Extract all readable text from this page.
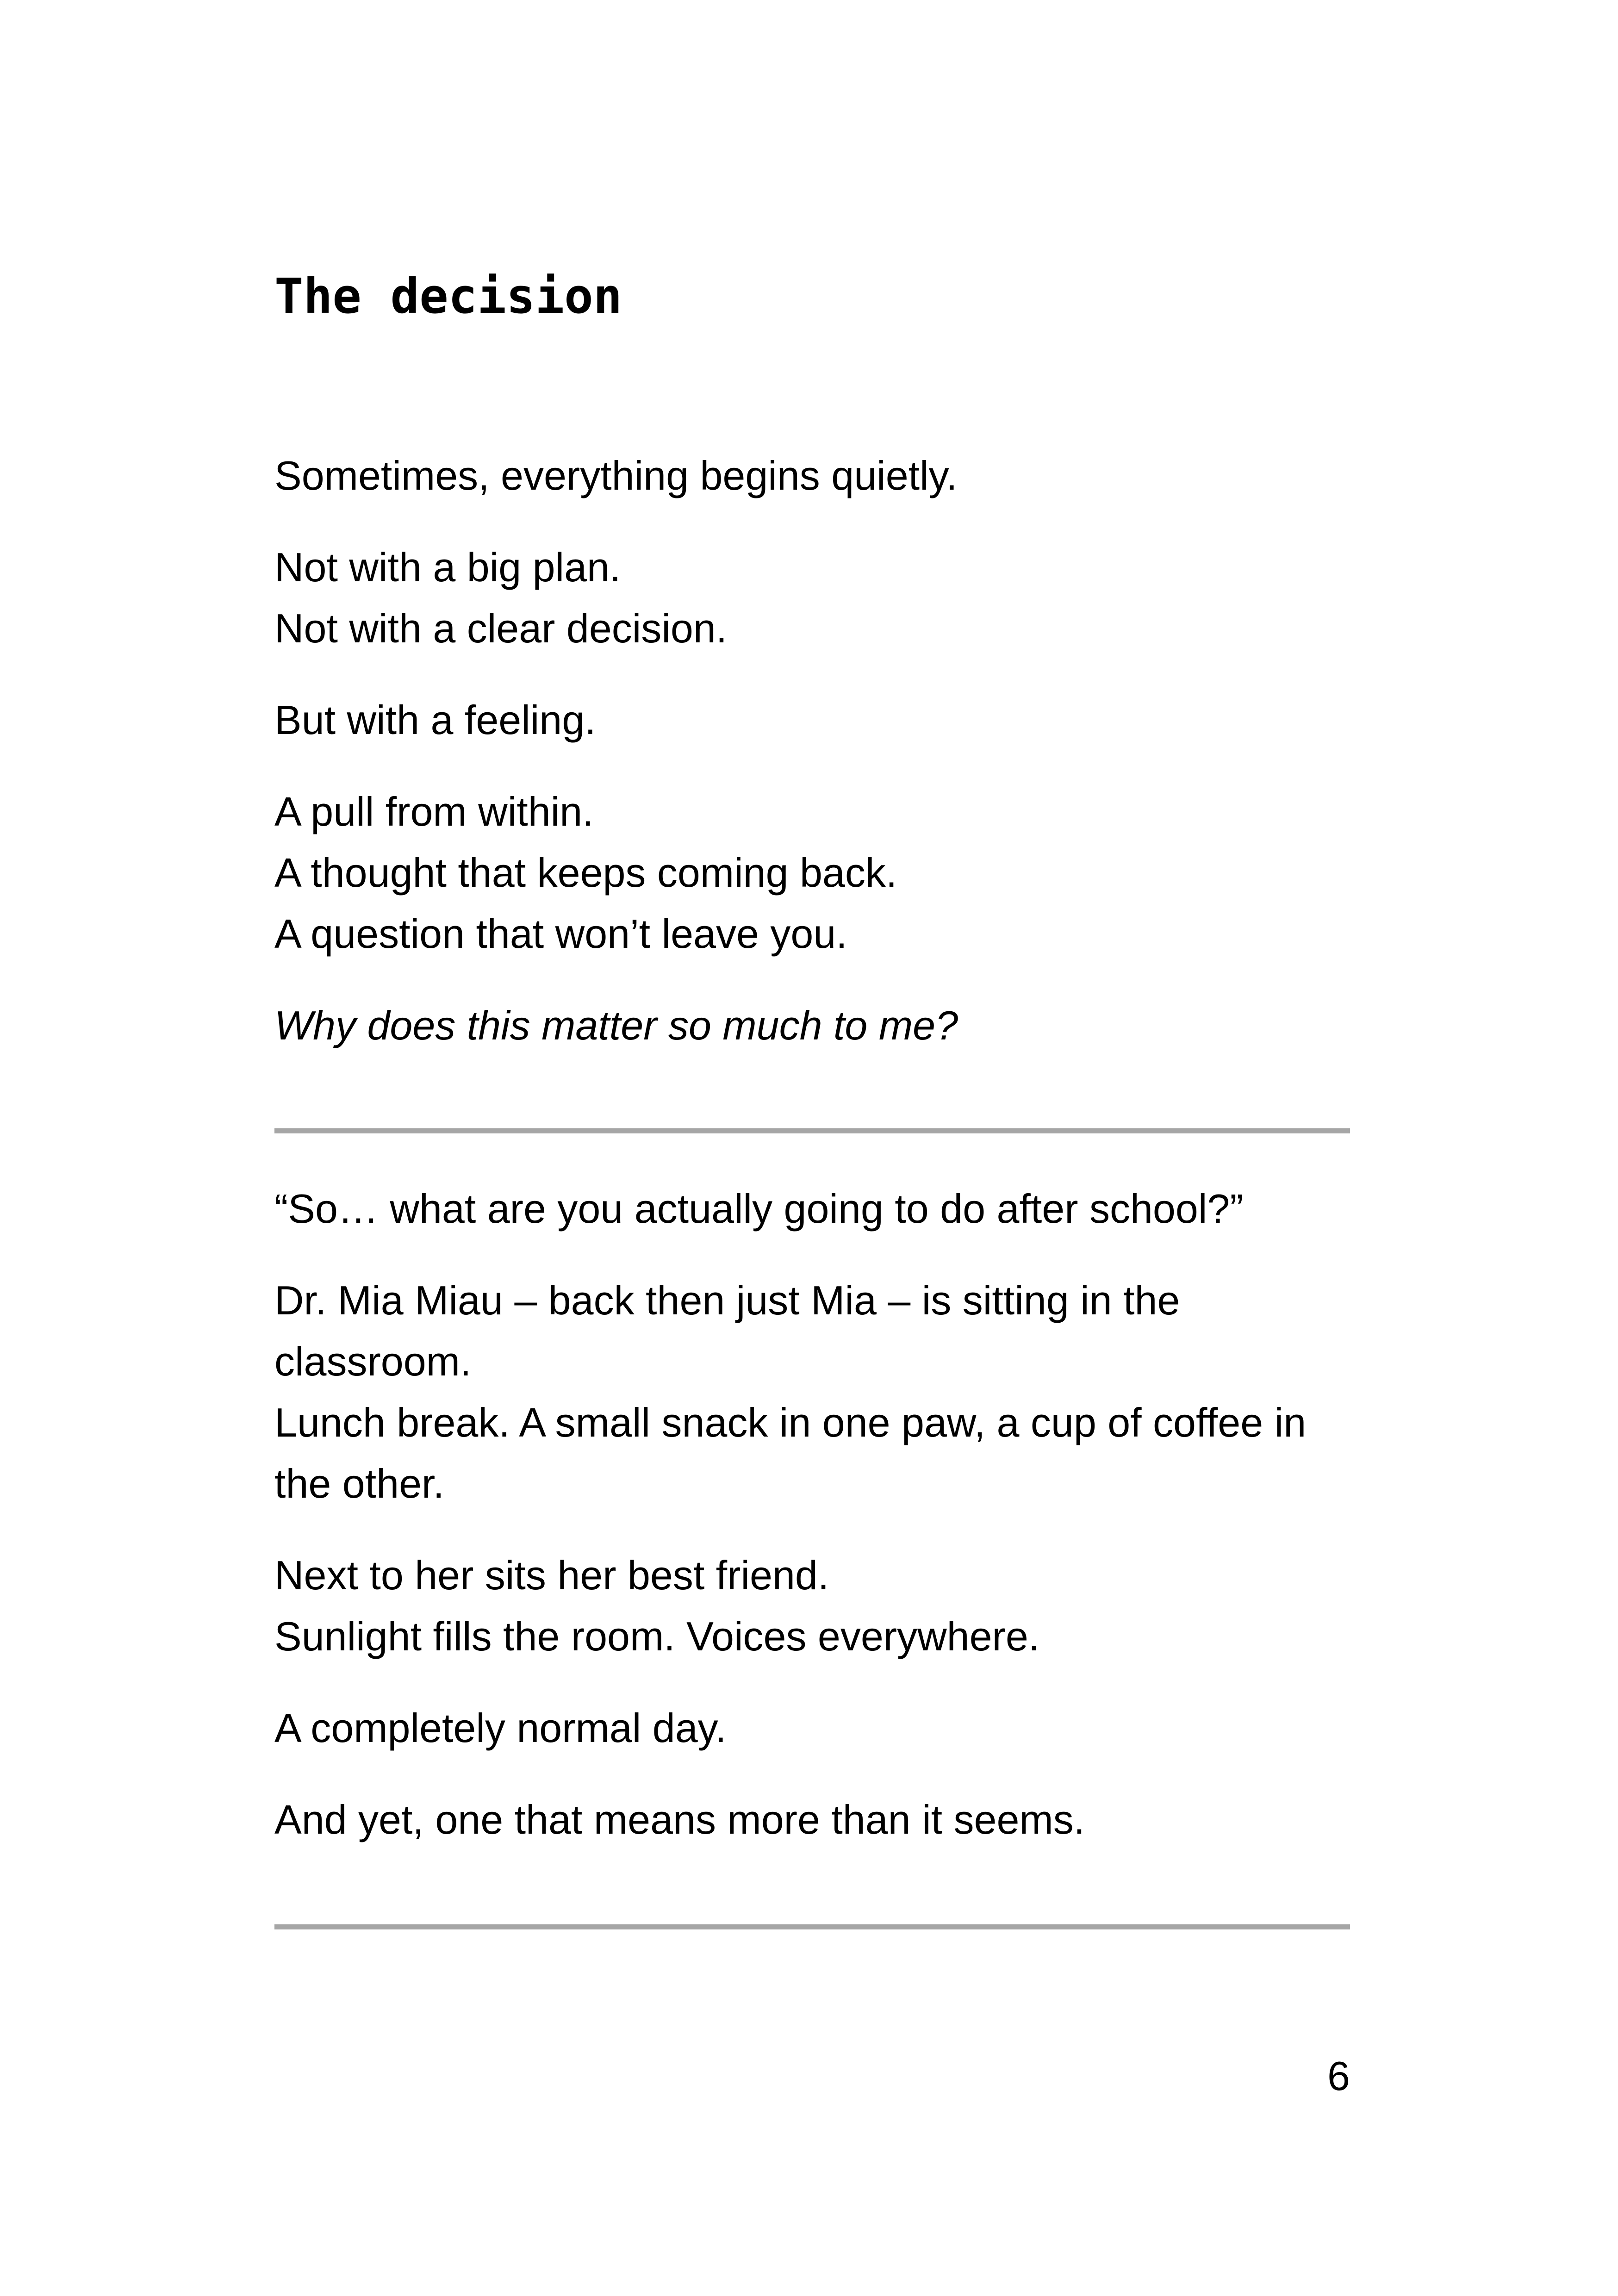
The decision

Sometimes, everything begins quietly.

Not with a big plan.
Not with a clear decision.

But with a feeling.

A pull from within.
A thought that keeps coming back.
A question that won’t leave you.

Why does this matter so much to me?

“So… what are you actually going to do after school?”

Dr. Mia Miau – back then just Mia – is sitting in the
classroom.
Lunch break. A small snack in one paw, a cup of coffee in
the other.

Next to her sits her best friend.
Sunlight fills the room. Voices everywhere.

A completely normal day.

And yet, one that means more than it seems.

6
